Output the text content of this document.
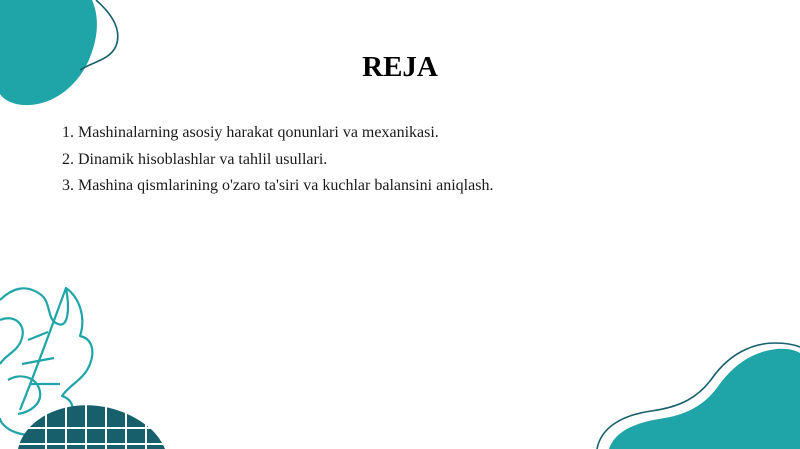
REJA
1. Mashinalarning asosiy harakat qonunlari va mexanikasi.
2. Dinamik hisoblashlar va tahlil usullari.
3. Mashina qismlarining o'zaro ta'siri va kuchlar balansini aniqlash.
